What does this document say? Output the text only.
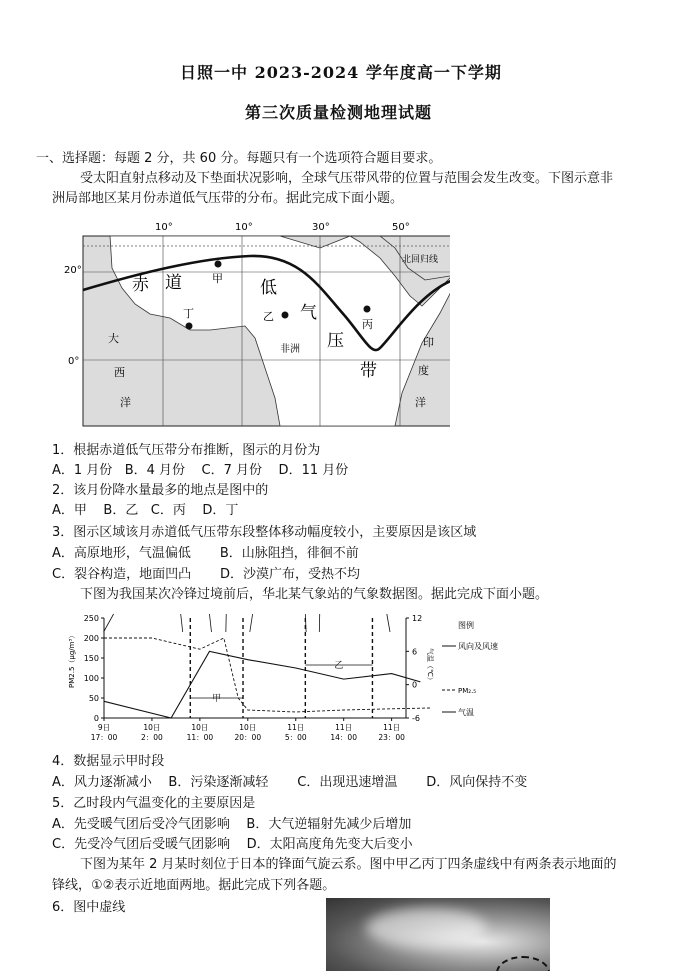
日照一中 2023-2024 学年度高一下学期
第三次质量检测地理试题
一、选择题：每题 2 分，共 60 分。每题只有一个选项符合题目要求。
受太阳直射点移动及下垫面状况影响，全球气压带风带的位置与范围会发生改变。下图示意非
洲局部地区某月份赤道低气压带的分布。据此完成下面小题。
10°	10°	30°	50°
20°
0°
北回归线
赤 道	低
气
压
带
甲
丁	乙
丙
非洲
大
西
洋
印
度
洋
1．根据赤道低气压带分布推断，图示的月份为
A．1 月份   B．4 月份    C．7 月份    D．11 月份
2．该月份降水量最多的地点是图中的
A．甲    B．乙   C．丙    D．丁
3．图示区域该月赤道低气压带东段整体移动幅度较小，主要原因是该区域
A．高原地形，气温偏低       B．山脉阻挡，徘徊不前
C．裂谷构造，地面凹凸       D．沙漠广布，受热不均
下图为我国某次冷锋过境前后，华北某气象站的气象数据图。据此完成下面小题。
250
200
150
100
50
0
12
6
0
-6
PM2.5（μg/m³）	气温（℃）
9日
17：00
10日
2：00
10日
11：00
10日
20：00
11日
5：00
11日
14：00
11日
23：00
甲
乙
图例
风向及风速
PM₂.₅
气温
4．数据显示甲时段
A．风力逐渐减小    B．污染逐渐减轻       C．出现迅速增温       D．风向保持不变
5．乙时段内气温变化的主要原因是
A．先受暖气团后受冷气团影响    B．大气逆辐射先减少后增加
C．先受冷气团后受暖气团影响    D．太阳高度角先变大后变小
下图为某年 2 月某时刻位于日本的锋面气旋云系。图中甲乙丙丁四条虚线中有两条表示地面的
锋线，①②表示近地面两地。据此完成下列各题。
6．图中虚线
